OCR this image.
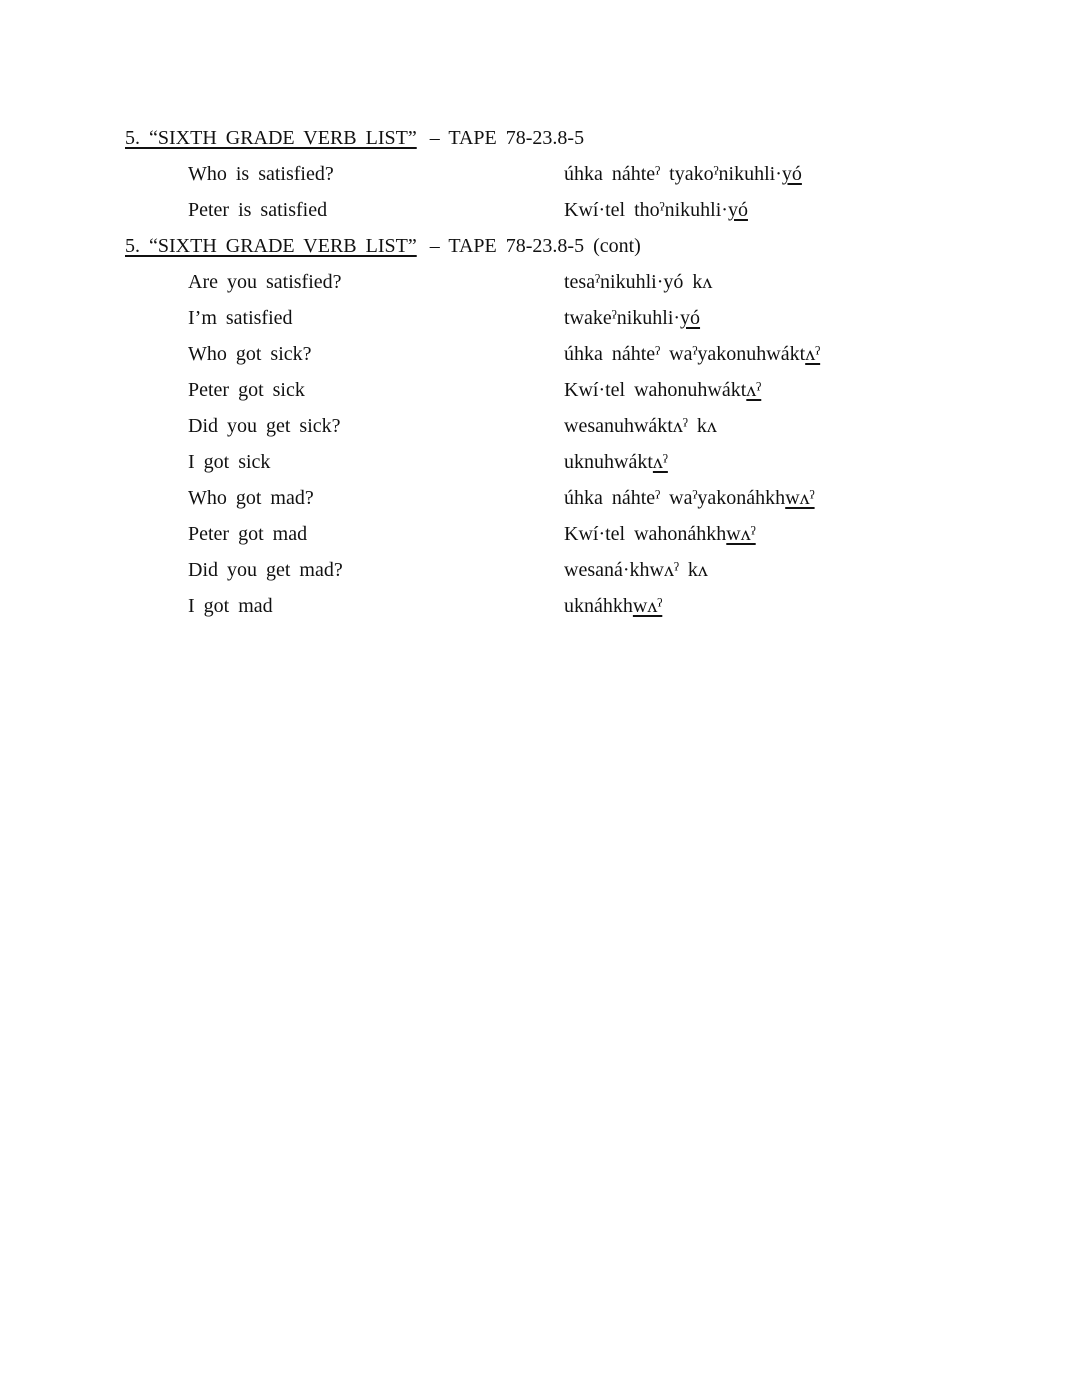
5. “SIXTH GRADE VERB LIST” – TAPE 78-23.8-5
Who is satisfied?	úhka náhteˀ tyakoˀnikuhli·yó
Peter is satisfied	Kwí·tel thoˀnikuhli·yó
5. “SIXTH GRADE VERB LIST” – TAPE 78-23.8-5 (cont)
Are you satisfied?	tesaˀnikuhli·yó kʌ
I’m satisfied	twakeˀnikuhli·yó
Who got sick?	úhka náhteˀ waˀyakonuhwáktʌˀ
Peter got sick	Kwí·tel wahonuhwáktʌˀ
Did you get sick?	wesanuhwáktʌˀ kʌ
I got sick	uknuhwáktʌˀ
Who got mad?	úhka náhteˀ waˀyakonáhkhwʌˀ
Peter got mad	Kwí·tel wahonáhkhwʌˀ
Did you get mad?	wesaná·khwʌˀ kʌ
I got mad	uknáhkhwʌˀ
